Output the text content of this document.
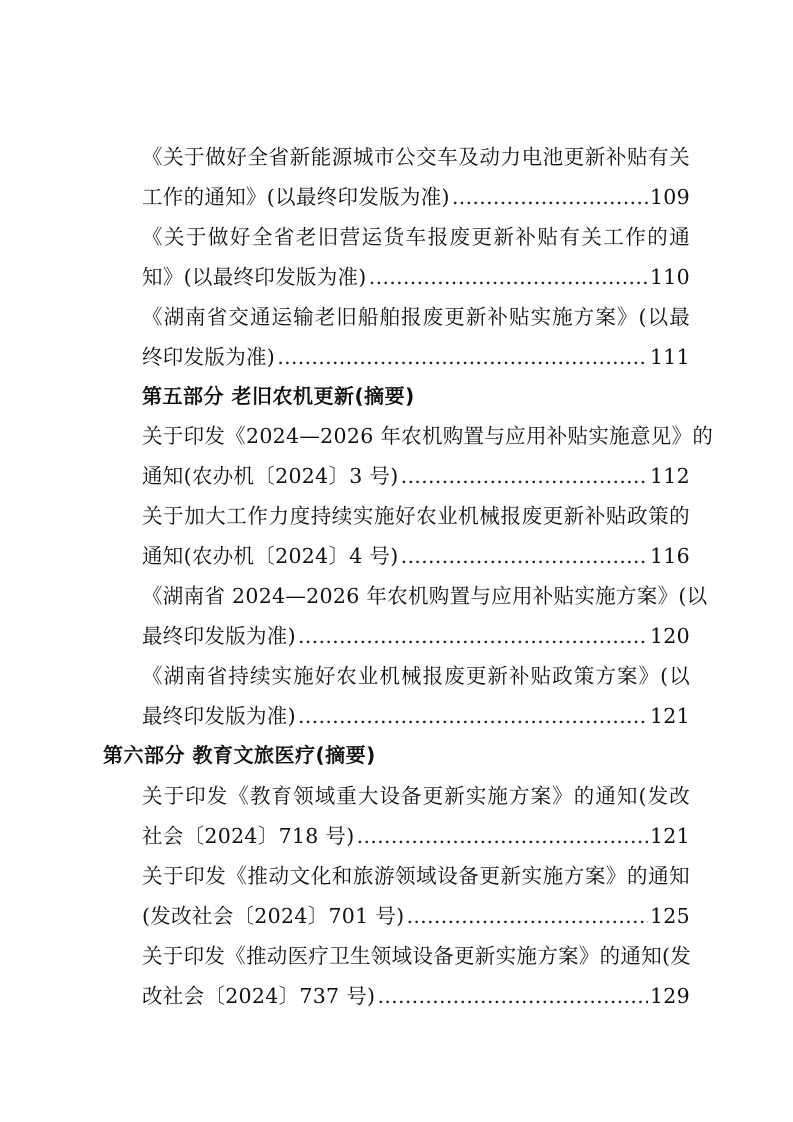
《关于做好全省新能源城市公交车及动力电池更新补贴有关
工作的通知》(以最终印发版为准) ………………………………………………………………………………………………	109
《关于做好全省老旧营运货车报废更新补贴有关工作的通
知》(以最终印发版为准) ………………………………………………………………………………………………	110
《湖南省交通运输老旧船舶报废更新补贴实施方案》(以最
终印发版为准) ………………………………………………………………………………………………	111
第五部分 老旧农机更新(摘要)
关于印发《2024—2026 年农机购置与应用补贴实施意见》的
通知(农办机〔2024〕3 号) ………………………………………………………………………………………………	112
关于加大工作力度持续实施好农业机械报废更新补贴政策的
通知(农办机〔2024〕4 号) ………………………………………………………………………………………………	116
《湖南省 2024—2026 年农机购置与应用补贴实施方案》(以
最终印发版为准) ………………………………………………………………………………………………	120
《湖南省持续实施好农业机械报废更新补贴政策方案》(以
最终印发版为准) ………………………………………………………………………………………………	121
第六部分 教育文旅医疗(摘要)
关于印发《教育领域重大设备更新实施方案》的通知(发改
社会〔2024〕718 号) ………………………………………………………………………………………………	121
关于印发《推动文化和旅游领域设备更新实施方案》的通知
(发改社会〔2024〕701 号) ………………………………………………………………………………………………	125
关于印发《推动医疗卫生领域设备更新实施方案》的通知(发
改社会〔2024〕737 号) ………………………………………………………………………………………………	129
